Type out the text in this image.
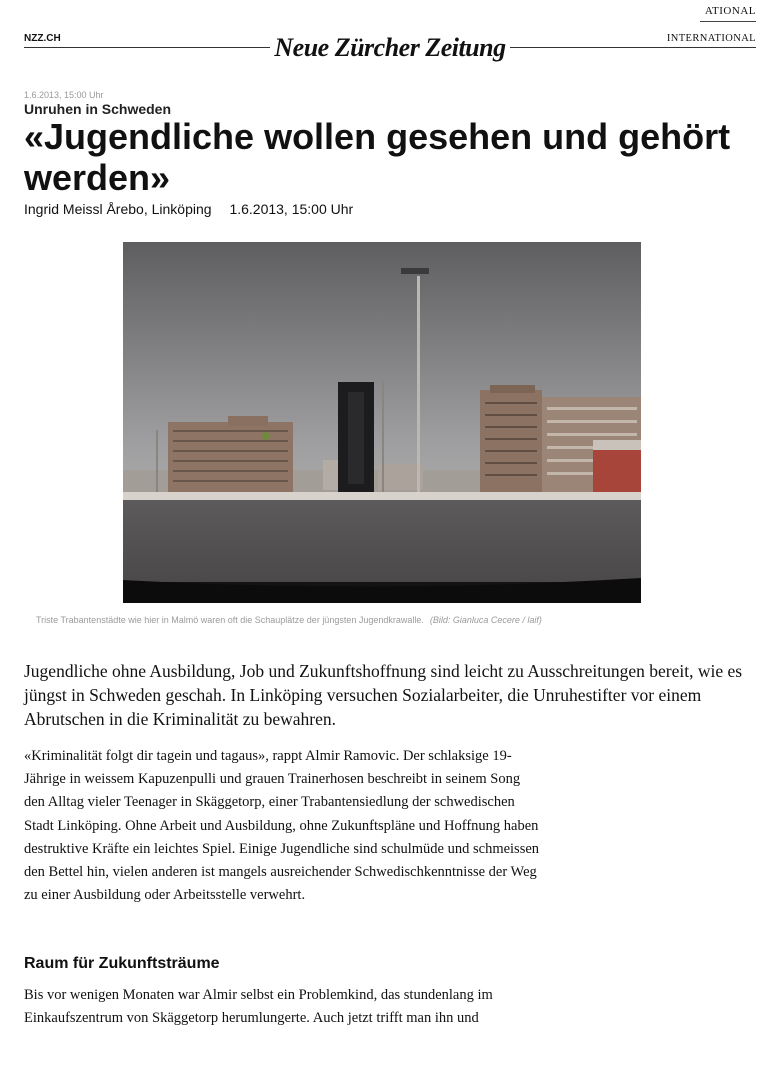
ATIONAL
NZZ.CH	Neue Zürcher Zeitung	INTERNATIONAL
1.6.2013, 15:00 Uhr
Unruhen in Schweden
«Jugendliche wollen gesehen und gehört werden»
Ingrid Meissl Årebo, Linköping 1.6.2013, 15:00 Uhr
Triste Trabantenstädte wie hier in Malmö waren oft die Schauplätze der jüngsten Jugendkrawalle. (Bild: Gianluca Cecere / laif)

Jugendliche ohne Ausbildung, Job und Zukunftshoffnung sind leicht zu Ausschreitungen bereit, wie es jüngst in Schweden geschah. In Linköping versuchen Sozialarbeiter, die Unruhestifter vor einem Abrutschen in die Kriminalität zu bewahren.

«Kriminalität folgt dir tagein und tagaus», rappt Almir Ramovic. Der schlaksige 19-Jährige in weissem Kapuzenpulli und grauen Trainerhosen beschreibt in seinem Song den Alltag vieler Teenager in Skäggetorp, einer Trabantensiedlung der schwedischen Stadt Linköping. Ohne Arbeit und Ausbildung, ohne Zukunftspläne und Hoffnung haben destruktive Kräfte ein leichtes Spiel. Einige Jugendliche sind schulmüde und schmeissen den Bettel hin, vielen anderen ist mangels ausreichender Schwedischkenntnisse der Weg zu einer Ausbildung oder Arbeitsstelle verwehrt.

Raum für Zukunftsträume

Bis vor wenigen Monaten war Almir selbst ein Problemkind, das stundenlang im Einkaufszentrum von Skäggetorp herumlungerte. Auch jetzt trifft man ihn und
